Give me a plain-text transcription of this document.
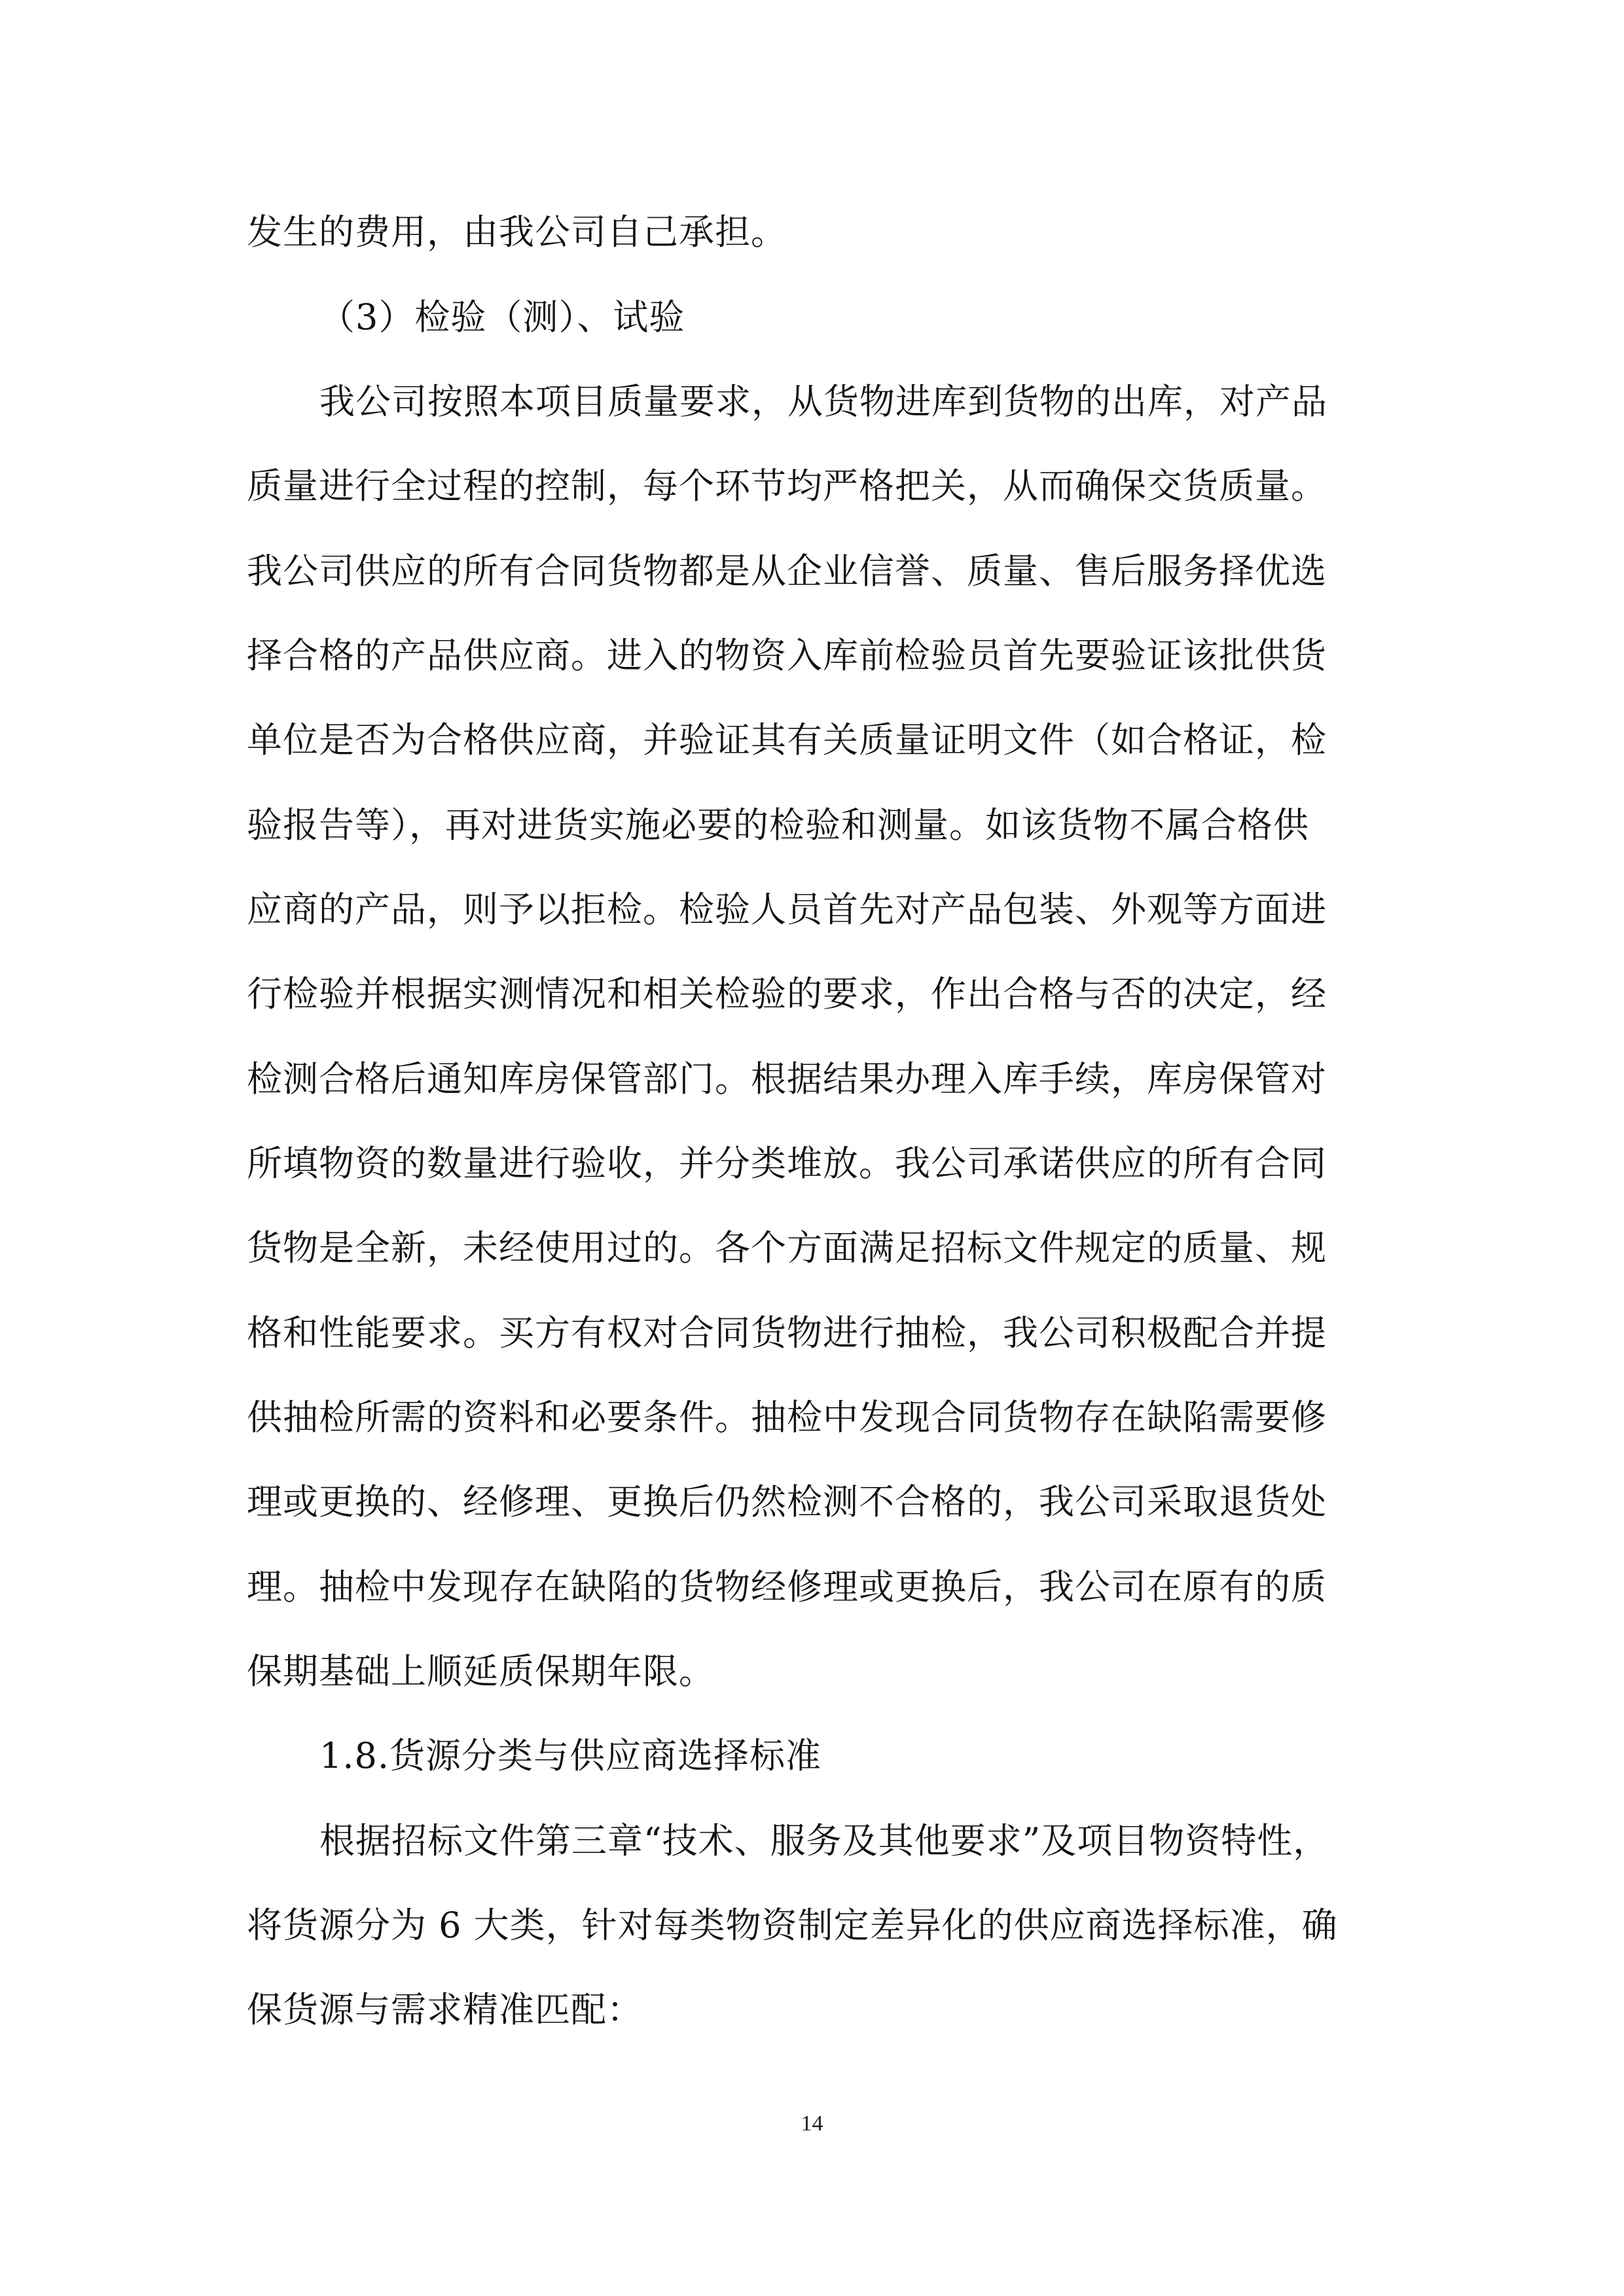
发生的费用，由我公司自己承担。
（3）检验（测）、试验
我公司按照本项目质量要求，从货物进库到货物的出库，对产品
质量进行全过程的控制，每个环节均严格把关，从而确保交货质量。
我公司供应的所有合同货物都是从企业信誉、质量、售后服务择优选
择合格的产品供应商。进入的物资入库前检验员首先要验证该批供货
单位是否为合格供应商，并验证其有关质量证明文件（如合格证，检
验报告等），再对进货实施必要的检验和测量。如该货物不属合格供
应商的产品，则予以拒检。检验人员首先对产品包装、外观等方面进
行检验并根据实测情况和相关检验的要求，作出合格与否的决定，经
检测合格后通知库房保管部门。根据结果办理入库手续，库房保管对
所填物资的数量进行验收，并分类堆放。我公司承诺供应的所有合同
货物是全新，未经使用过的。各个方面满足招标文件规定的质量、规
格和性能要求。买方有权对合同货物进行抽检，我公司积极配合并提
供抽检所需的资料和必要条件。抽检中发现合同货物存在缺陷需要修
理或更换的、经修理、更换后仍然检测不合格的，我公司采取退货处
理。抽检中发现存在缺陷的货物经修理或更换后，我公司在原有的质
保期基础上顺延质保期年限。
1.8.货源分类与供应商选择标准
根据招标文件第三章“技术、服务及其他要求”及项目物资特性，
将货源分为 6 大类，针对每类物资制定差异化的供应商选择标准，确
保货源与需求精准匹配：
14
